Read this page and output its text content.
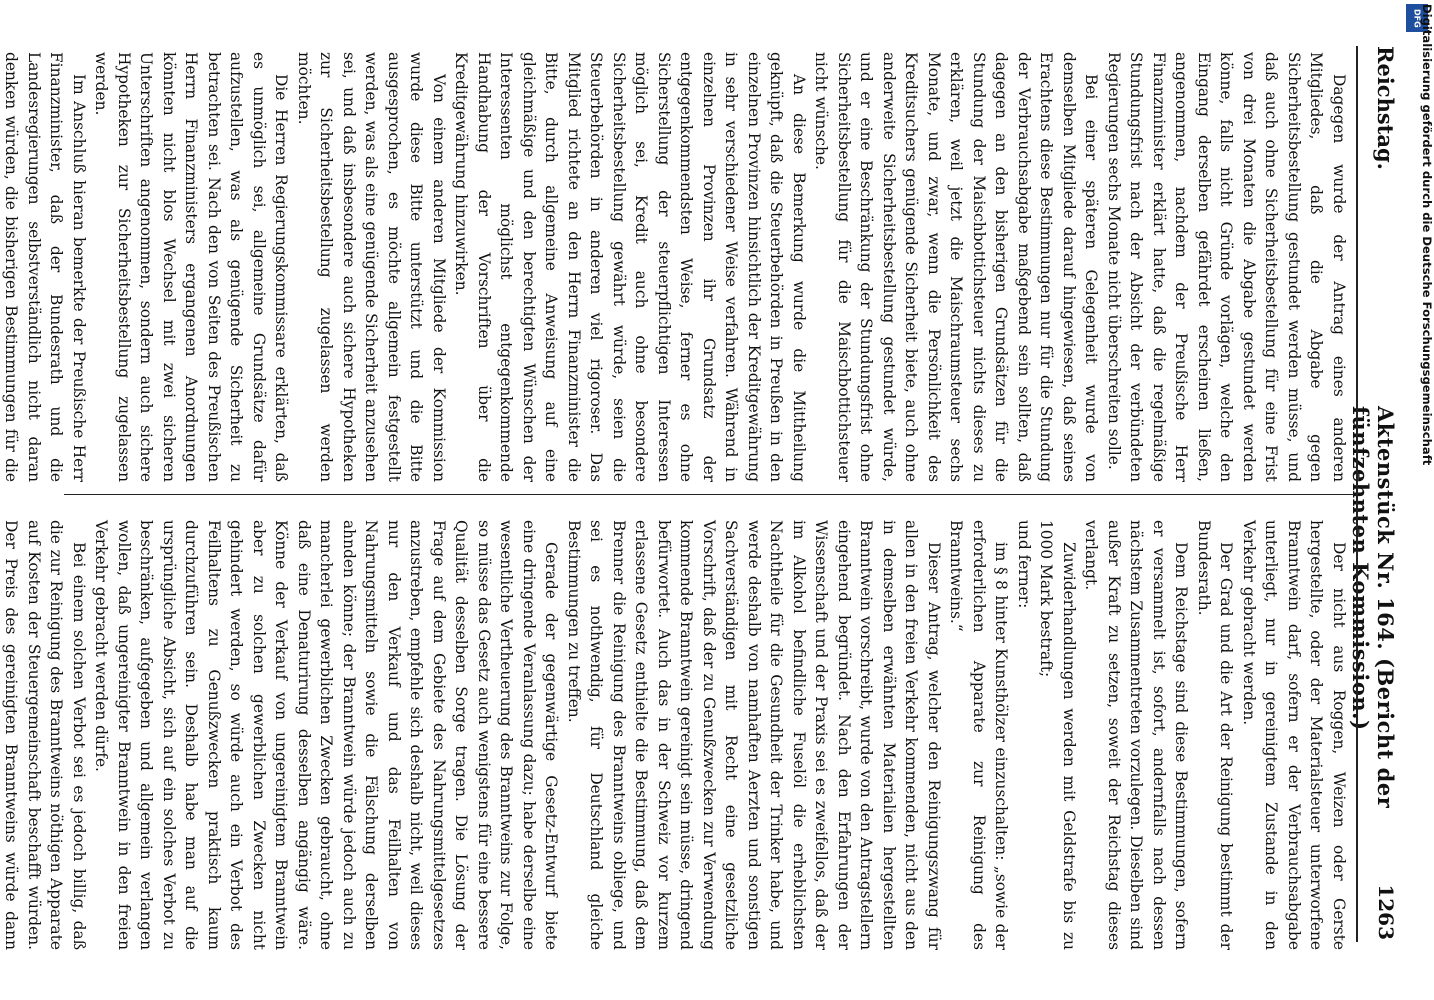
Reichstag.
Aktenstück Nr. 164. (Bericht der fünfzehnten Kommission.)
1263

Dagegen wurde der Antrag eines anderen Mitgliedes, daß die Abgabe gegen Sicherheitsbestellung gestundet werden müsse, und daß auch ohne Sicherheitsbestellung für eine Frist von drei Monaten die Abgabe gestundet werden könne, falls nicht Gründe vorlägen, welche den Eingang derselben gefährdet erscheinen ließen, angenommen, nachdem der Preußische Herr Finanzminister erklärt hatte, daß die regelmäßige Stundungsfrist nach der Absicht der verbündeten Regierungen sechs Monate nicht überschreiten solle.

Bei einer späteren Gelegenheit wurde von demselben Mitgliede darauf hingewiesen, daß seines Erachtens diese Bestimmungen nur für die Stundung der Verbrauchsabgabe maßgebend sein sollten, daß dagegen an den bisherigen Grundsätzen für die Stundung der Maischbottichsteuer nichts dieses zu erklären, weil jetzt die Maischraumsteuer sechs Monate, und zwar, wenn die Persönlichkeit des Kreditsuchers genügende Sicherheit biete, auch ohne anderweite Sicherheitsbestellung gestundet würde, und er eine Beschränkung der Stundungsfrist ohne Sicherheitsbestellung für die Maischbottichsteuer nicht wünsche.

An diese Bemerkung wurde die Mittheilung geknüpft, daß die Steuerbehörden in Preußen in den einzelnen Provinzen hinsichtlich der Kreditgewährung in sehr verschiedener Weise verfahren. Während in einzelnen Provinzen ihr Grundsatz der entgegenkommendsten Weise, ferner es ohne Sicherstellung der steuerpflichtigen Interessen möglich sei, Kredit auch ohne besondere Sicherheitsbestellung gewährt würde, seien die Steuerbehörden in anderen viel rigoroser. Das Mitglied richtete an den Herrn Finanzminister die Bitte, durch allgemeine Anweisung auf eine gleichmäßige und den berechtigten Wünschen der Interessenten möglichst entgegenkommende Handhabung der Vorschriften über die Kreditgewährung hinzuwirken.

Von einem anderen Mitgliede der Kommission wurde diese Bitte unterstützt und die Bitte ausgesprochen, es möchte allgemein festgestellt werden, was als eine genügende Sicherheit anzusehen sei, und daß insbesondere auch sichere Hypotheken zur Sicherheitsbestellung zugelassen werden möchten.

Die Herren Regierungskommissare erklärten, daß es unmöglich sei, allgemeine Grundsätze dafür aufzustellen, was als genügende Sicherheit zu betrachten sei. Nach den von Seiten des Preußischen Herrn Finanzministers ergangenen Anordnungen könnten nicht blos Wechsel mit zwei sicheren Unterschriften angenommen, sondern auch sichere Hypotheken zur Sicherheitsbestellung zugelassen werden.

Im Anschluß hieran bemerkte der Preußische Herr Finanzminister, daß der Bundesrath und die Landesregierungen selbstverständlich nicht daran denken würden, die bisherigen Bestimmungen für die

Der nicht aus Roggen, Weizen oder Gerste hergestellte, oder der Materialsteuer unterworfene Branntwein darf, sofern er der Verbrauchsabgabe unterliegt, nur in gereinigtem Zustande in den Verkehr gebracht werden.

Der Grad und die Art der Reinigung bestimmt der Bundesrath.

Dem Reichstage sind diese Bestimmungen, sofern er versammelt ist, sofort, andernfalls nach dessen nächstem Zusammentreten vorzulegen. Dieselben sind außer Kraft zu setzen, soweit der Reichstag dieses verlangt.

Zuwiderhandlungen werden mit Geldstrafe bis zu 1000 Mark bestraft;

und ferner:

im § 8 hinter Kunsthölzer einzuschalten: „sowie der erforderlichen Apparate zur Reinigung des Branntweins.“

Dieser Antrag, welcher den Reinigungszwang für allen in den freien Verkehr kommenden, nicht aus den in demselben erwähnten Materialien hergestellten Branntwein vorschreibt, wurde von den Antragstellern eingehend begründet. Nach den Erfahrungen der Wissenschaft und der Praxis sei es zweifellos, daß der im Alkohol befindliche Fuselöl die erheblichsten Nachtheile für die Gesundheit der Trinker habe, und werde deshalb von namhaften Aerzten und sonstigen Sachverständigen mit Recht eine gesetzliche Vorschrift, daß der zu Genußzwecken zur Verwendung kommende Branntwein gereinigt sein müsse, dringend befürwortet. Auch das in der Schweiz vor kurzem erlassene Gesetz enthielte die Bestimmung, daß dem Brenner die Reinigung des Branntweins obliege, und sei es nothwendig, für Deutschland gleiche Bestimmungen zu treffen.

Gerade der gegenwärtige Gesetz-Entwurf biete eine dringende Veranlassung dazu; habe derselbe eine wesentliche Vertheuerung des Branntweins zur Folge, so müsse das Gesetz auch wenigstens für eine bessere Qualität desselben Sorge tragen. Die Lösung der Frage auf dem Gebiete des Nahrungsmittelgesetzes anzustreben, empfehle sich deshalb nicht, weil dieses nur den Verkauf und das Feilhalten von Nahrungsmitteln sowie die Fälschung derselben ahnden könne; der Branntwein würde jedoch auch zu mancherlei gewerblichen Zwecken gebraucht, ohne daß eine Denaturirung desselben angängig wäre. Könne der Verkauf von ungereinigtem Branntwein aber zu solchen gewerblichen Zwecken nicht gehindert werden, so würde auch ein Verbot des Feilhaltens zu Genußzwecken praktisch kaum durchzuführen sein. Deshalb habe man auf die ursprüngliche Absicht, sich auf ein solches Verbot zu beschränken, aufgegeben und allgemein verlangen wollen, daß ungereinigter Branntwein in den freien Verkehr gebracht werden dürfe.

Bei einem solchen Verbot sei es jedoch billig, daß die zur Reinigung des Branntweins nöthigen Apparate auf Kosten der Steuergemeinschaft beschafft würden. Der Preis des gereinigten Branntweins würde dann

DFG
Digitalisierung gefördert durch die Deutsche Forschungsgemeinschaft
